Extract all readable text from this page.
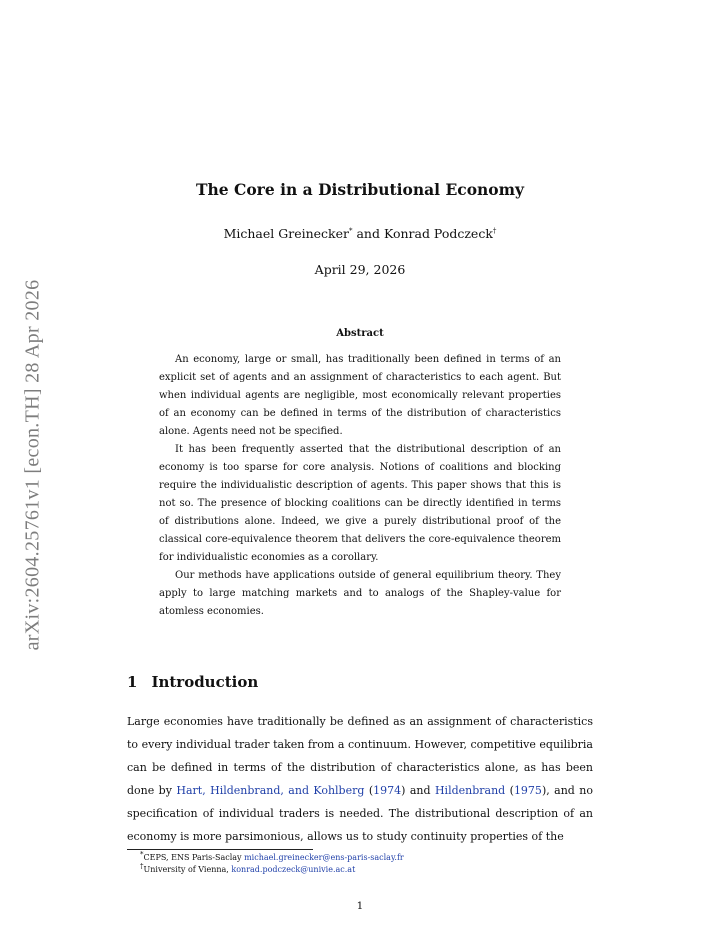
arXiv:2604.25761v1 [econ.TH] 28 Apr 2026
The Core in a Distributional Economy

Michael Greinecker* and Konrad Podczeck†

April 29, 2026

Abstract

An economy, large or small, has traditionally been defined in terms of an explicit set of agents and an assignment of characteristics to each agent. But when individual agents are negligible, most economically relevant properties of an economy can be defined in terms of the distribution of characteristics alone. Agents need not be specified.

It has been frequently asserted that the distributional description of an economy is too sparse for core analysis. Notions of coalitions and blocking require the individualistic description of agents. This paper shows that this is not so. The presence of blocking coalitions can be directly identified in terms of distributions alone. Indeed, we give a purely distributional proof of the classical core-equivalence theorem that delivers the core-equivalence theorem for individualistic economies as a corollary.

Our methods have applications outside of general equilibrium theory. They apply to large matching markets and to analogs of the Shapley-value for atomless economies.

1 Introduction

Large economies have traditionally be defined as an assignment of characteristics to every individual trader taken from a continuum. However, competitive equilibria can be defined in terms of the distribution of characteristics alone, as has been done by Hart, Hildenbrand, and Kohlberg (1974) and Hildenbrand (1975), and no specification of individual traders is needed. The distributional description of an economy is more parsimonious, allows us to study continuity properties of the

*CEPS, ENS Paris-Saclay michael.greinecker@ens-paris-saclay.fr

†University of Vienna, konrad.podczeck@univie.ac.at

1
